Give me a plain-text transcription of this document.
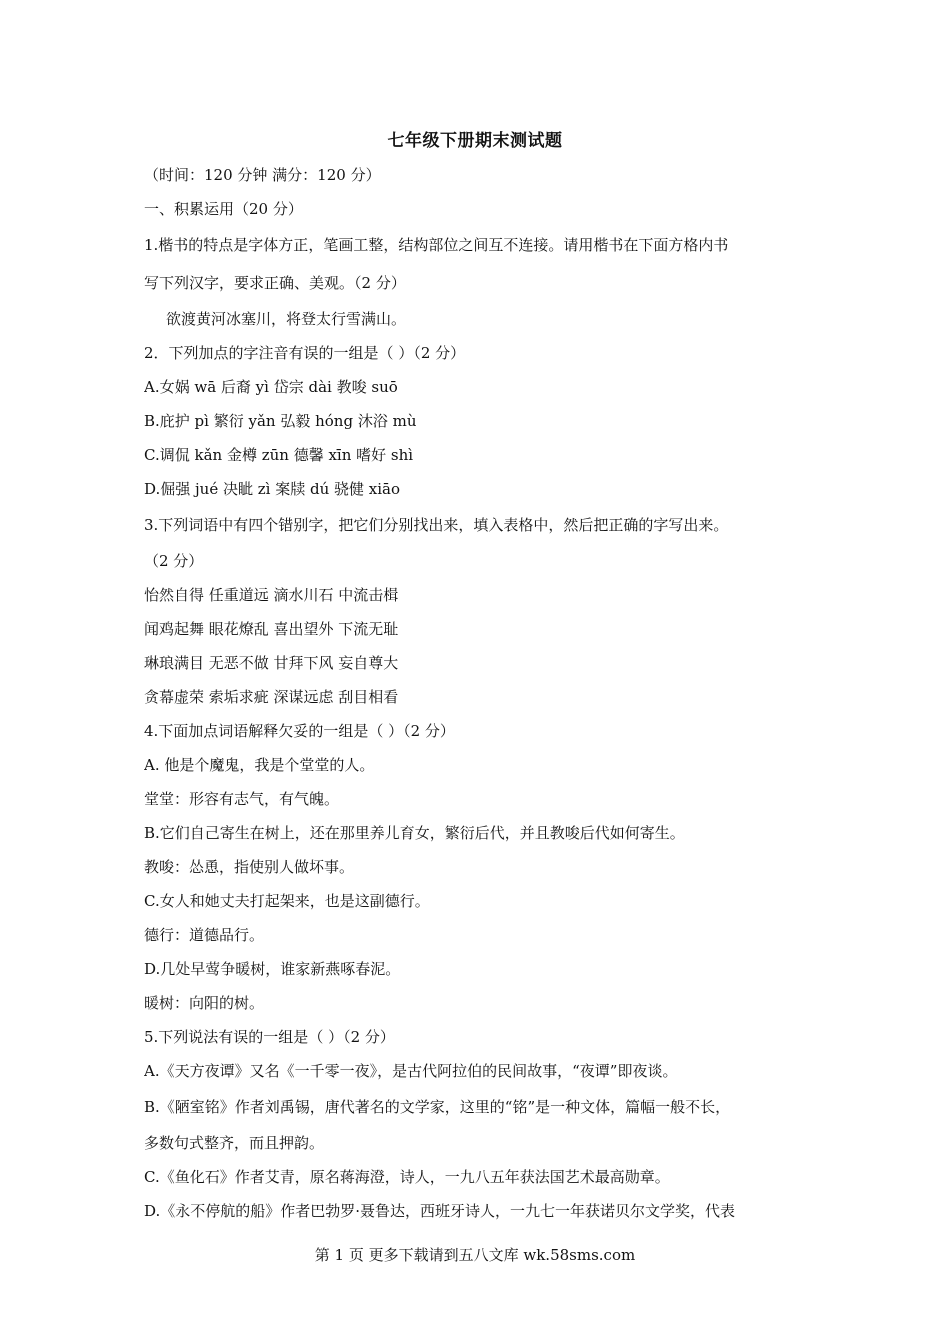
七年级下册期末测试题
（时间：120 分钟 满分：120 分）
一、积累运用（20 分）
1.楷书的特点是字体方正，笔画工整，结构部位之间互不连接。请用楷书在下面方格内书
写下列汉字，要求正确、美观。（2 分）
欲渡黄河冰塞川，将登太行雪满山。
2．下列加点的字注音有误的一组是（ ）（2 分）
A.女娲 wā 后裔 yì 岱宗 dài 教唆 suō
B.庇护 pì 繁衍 yǎn 弘毅 hóng 沐浴 mù
C.调侃 kǎn 金樽 zūn 德馨 xīn 嗜好 shì
D.倔强 jué 决眦 zì 案牍 dú 骁健 xiāo
3.下列词语中有四个错别字，把它们分别找出来，填入表格中，然后把正确的字写出来。
（2 分）
怡然自得 任重道远 滴水川石 中流击楫
闻鸡起舞 眼花燎乱 喜出望外 下流无耻
琳琅满目 无恶不做 甘拜下风 妄自尊大
贪幕虚荣 索垢求疵 深谋远虑 刮目相看
4.下面加点词语解释欠妥的一组是（ ）（2 分）
A. 他是个魔鬼，我是个堂堂的人。
堂堂：形容有志气，有气魄。
B.它们自己寄生在树上，还在那里养儿育女，繁衍后代，并且教唆后代如何寄生。
教唆：怂恿，指使别人做坏事。
C.女人和她丈夫打起架来，也是这副德行。
德行：道德品行。
D.几处早莺争暖树，谁家新燕啄春泥。
暖树：向阳的树。
5.下列说法有误的一组是（ ）（2 分）
A.《天方夜谭》又名《一千零一夜》，是古代阿拉伯的民间故事，“夜谭”即夜谈。
B.《陋室铭》作者刘禹锡，唐代著名的文学家，这里的“铭”是一种文体，篇幅一般不长，
多数句式整齐，而且押韵。
C.《鱼化石》作者艾青，原名蒋海澄，诗人，一九八五年获法国艺术最高勋章。
D.《永不停航的船》作者巴勃罗·聂鲁达，西班牙诗人，一九七一年获诺贝尔文学奖，代表
第 1 页 更多下载请到五八文库 wk.58sms.com
